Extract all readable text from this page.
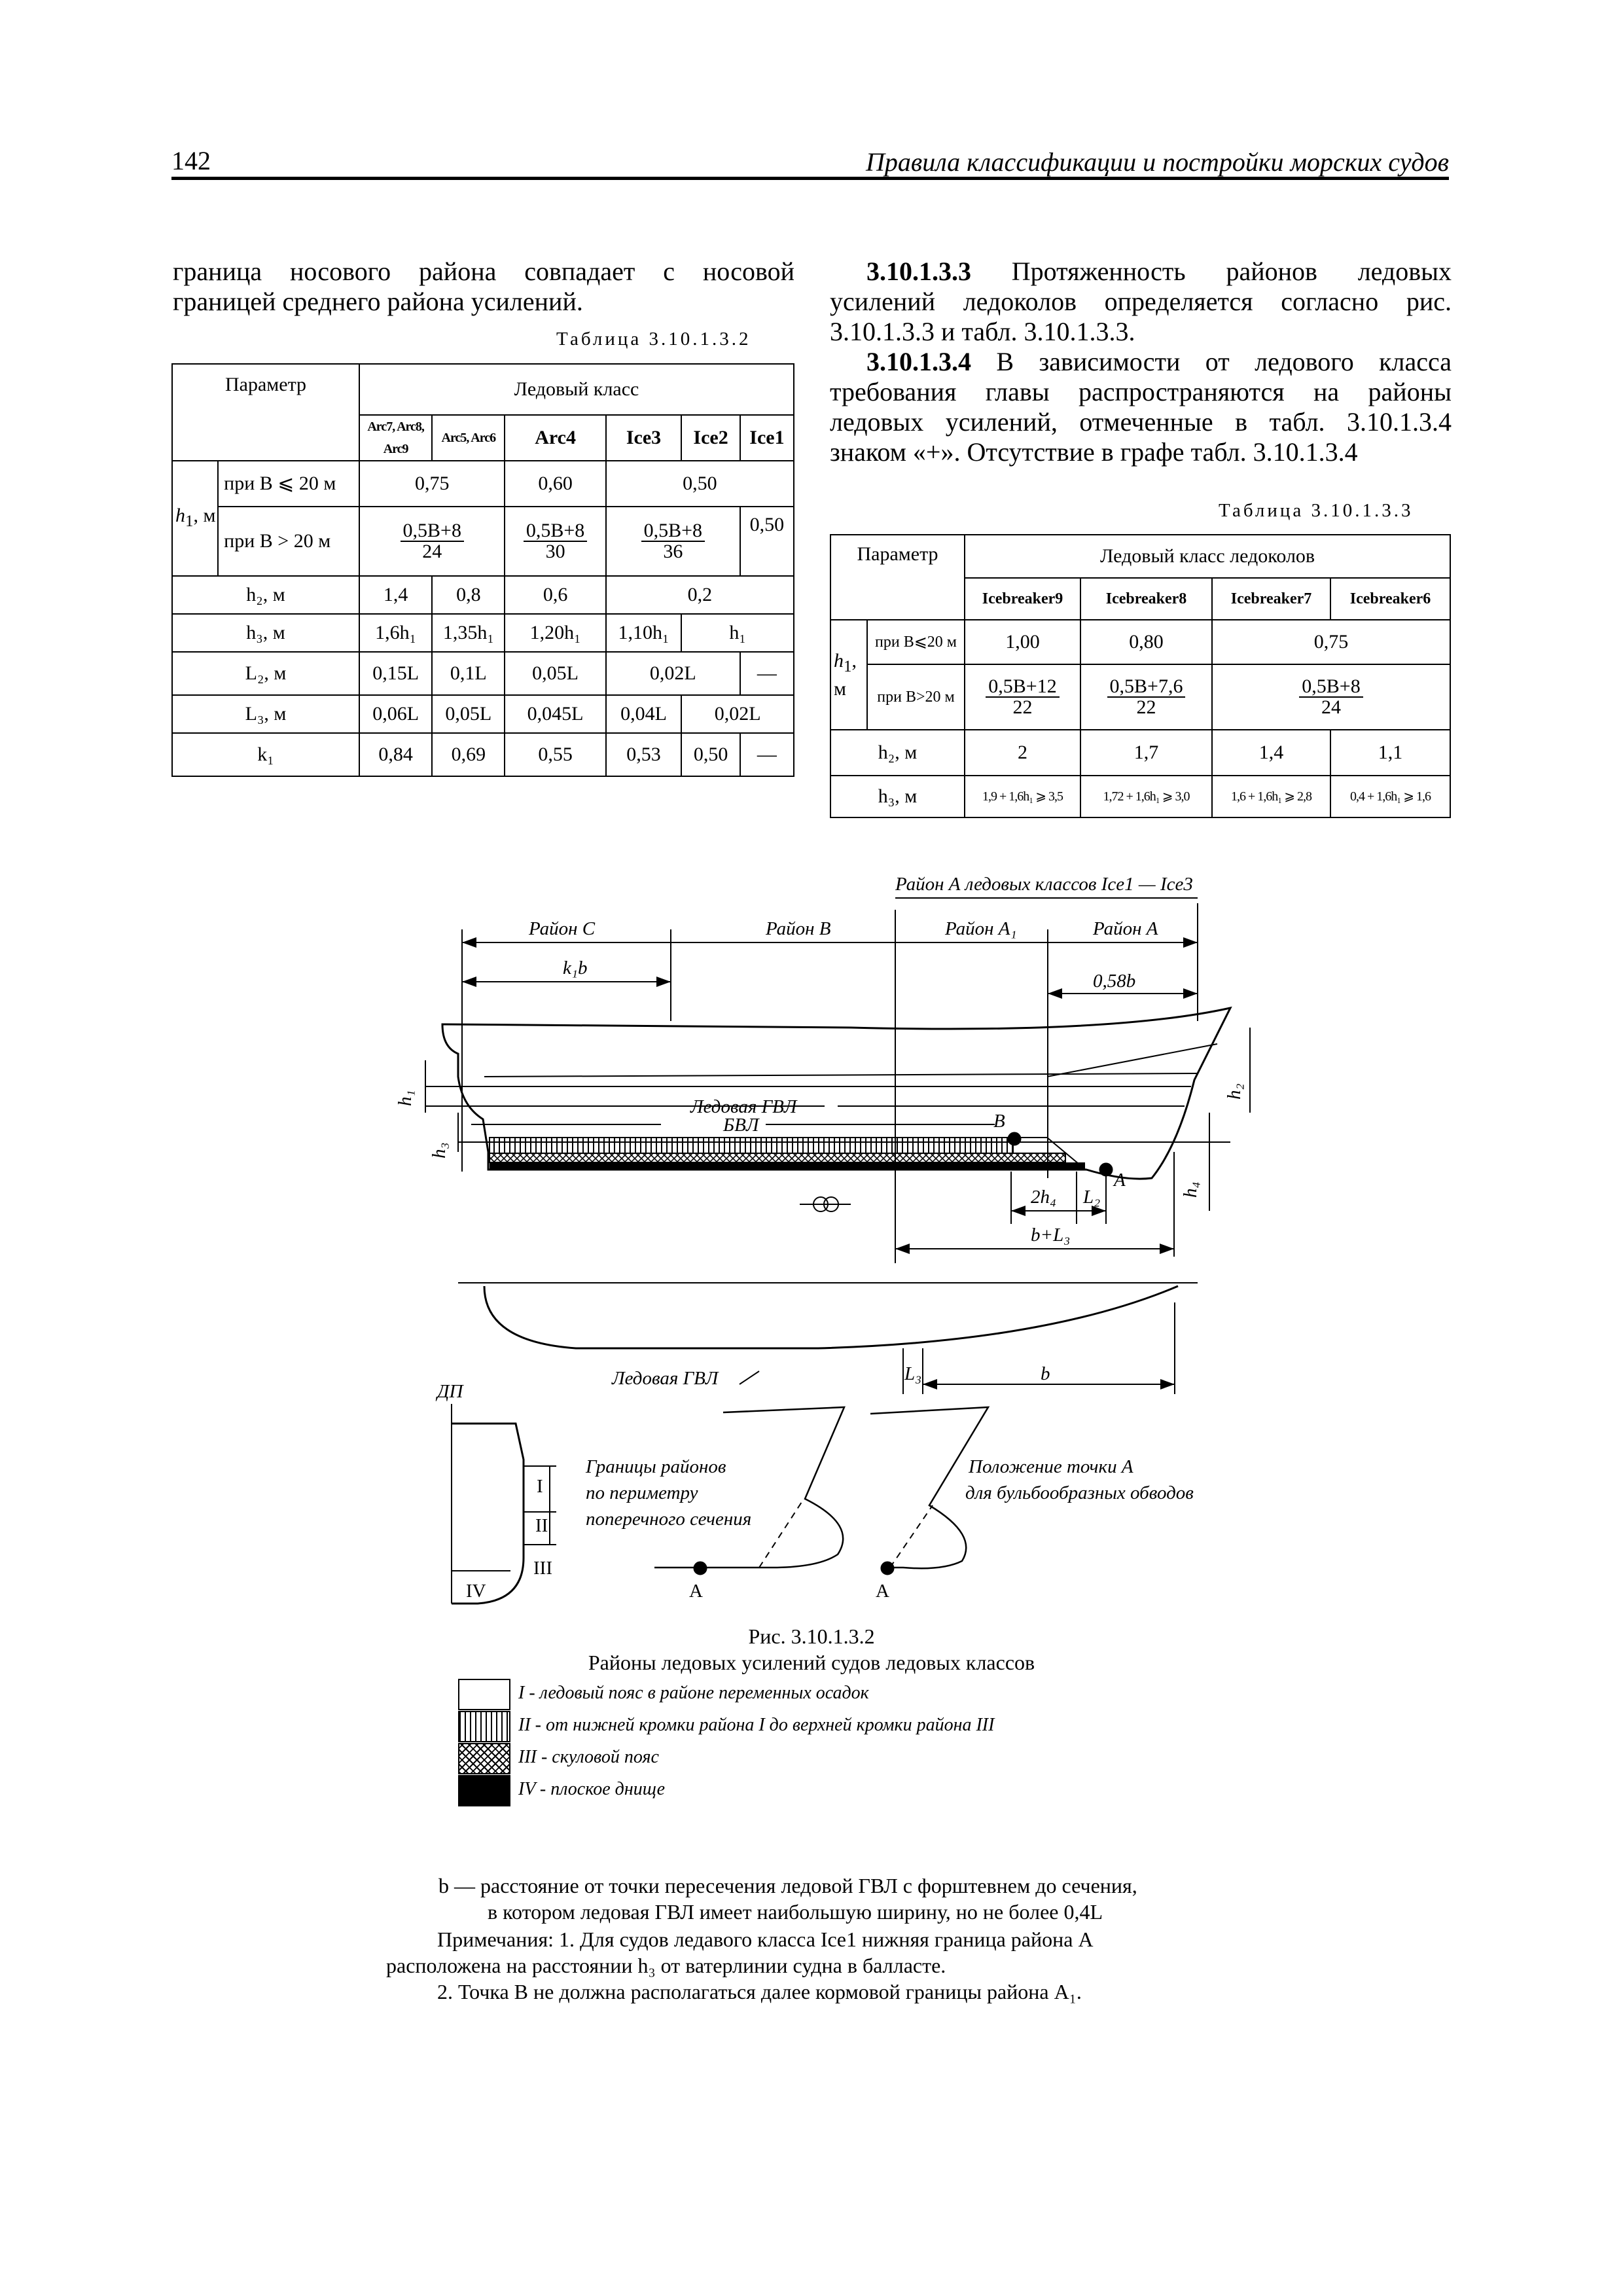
142	Правила классификации и постройки морских судов

граница носового района совпадает с носовой

границей среднего района усилений.

Таблица 3.10.1.3.2
Параметр		Ледовый класс					
		Arc7, Arc8, Arc9	Arc5, Arc6	Arc4	Ice3	Ice2	Ice1
$h_1$, м	при B ⩽ 20 м	0,75		0,60	0,50		
	при B > 20 м	$\frac{0,5B+8}{24}$		$\frac{0,5B+8}{30}$	$\frac{0,5B+8}{36}$		0,50
h₂, м		1,4	0,8	0,6	0,2		
h₃, м		1,6h₁	1,35h₁	1,20h₁	1,10h₁	h₁	
L₂, м		0,15L	0,1L	0,05L	0,02L		—
L₃, м		0,06L	0,05L	0,045L	0,04L	0,02L	
k₁		0,84	0,69	0,55	0,53	0,50	—

3.10.1.3.3 Протяженность районов ледовых усилений ледоколов определяется согласно рис. 3.10.1.3.3 и табл. 3.10.1.3.3.

3.10.1.3.4 В зависимости от ледового класса требования главы распространяются на районы ледовых усилений, отмеченные в табл. 3.10.1.3.4 знаком «+». Отсутствие в графе табл. 3.10.1.3.4

Таблица 3.10.1.3.3
Параметр		Ледовый класс ледоколов			
		Icebreaker9	Icebreaker8	Icebreaker7	Icebreaker6
$h_1$, м	при B⩽20 м	1,00	0,80	0,75	
	при B>20 м	$\frac{0,5B+12}{22}$	$\frac{0,5B+7,6}{22}$	$\frac{0,5B+8}{24}$

h₂, м		2	1,7	1,4	1,1
h₃, м		1,9 + 1,6h₁ ⩾ 3,5	1,72 + 1,6h₁ ⩾ 3,0	1,6 + 1,6h₁ ⩾ 2,8	0,4 + 1,6h₁ ⩾ 1,6
Район А ледовых классов Ice1 — Ice3
Район С	Район В	Район А₁	Район А
k₁b
0,58b
Ледовая ГВЛ
БВЛ	B
A
h₁
h₃
h₂
h₄
2h₄ L₂
b+L₃
Ледовая ГВЛ	L₃	b
ДП
I
II
III
IV
Границы районов
по периметру
поперечного сечения
Положение точки А
для бульбообразных обводов
A	A
Рис. 3.10.1.3.2
Районы ледовых усилений судов ледовых классов
I - ледовый пояс в районе переменных осадок
II - от нижней кромки района I до верхней кромки района III
III - скуловой пояс
IV - плоское днище
b — расстояние от точки пересечения ледовой ГВЛ с форштевнем до сечения,
в котором ледовая ГВЛ имеет наибольшую ширину, но не более 0,4L
Примечания: 1. Для судов ледавого класса Ice1 нижняя граница района А
расположена на расстоянии h₃ от ватерлинии судна в балласте.
2. Точка B не должна располагаться далее кормовой границы района A₁.
